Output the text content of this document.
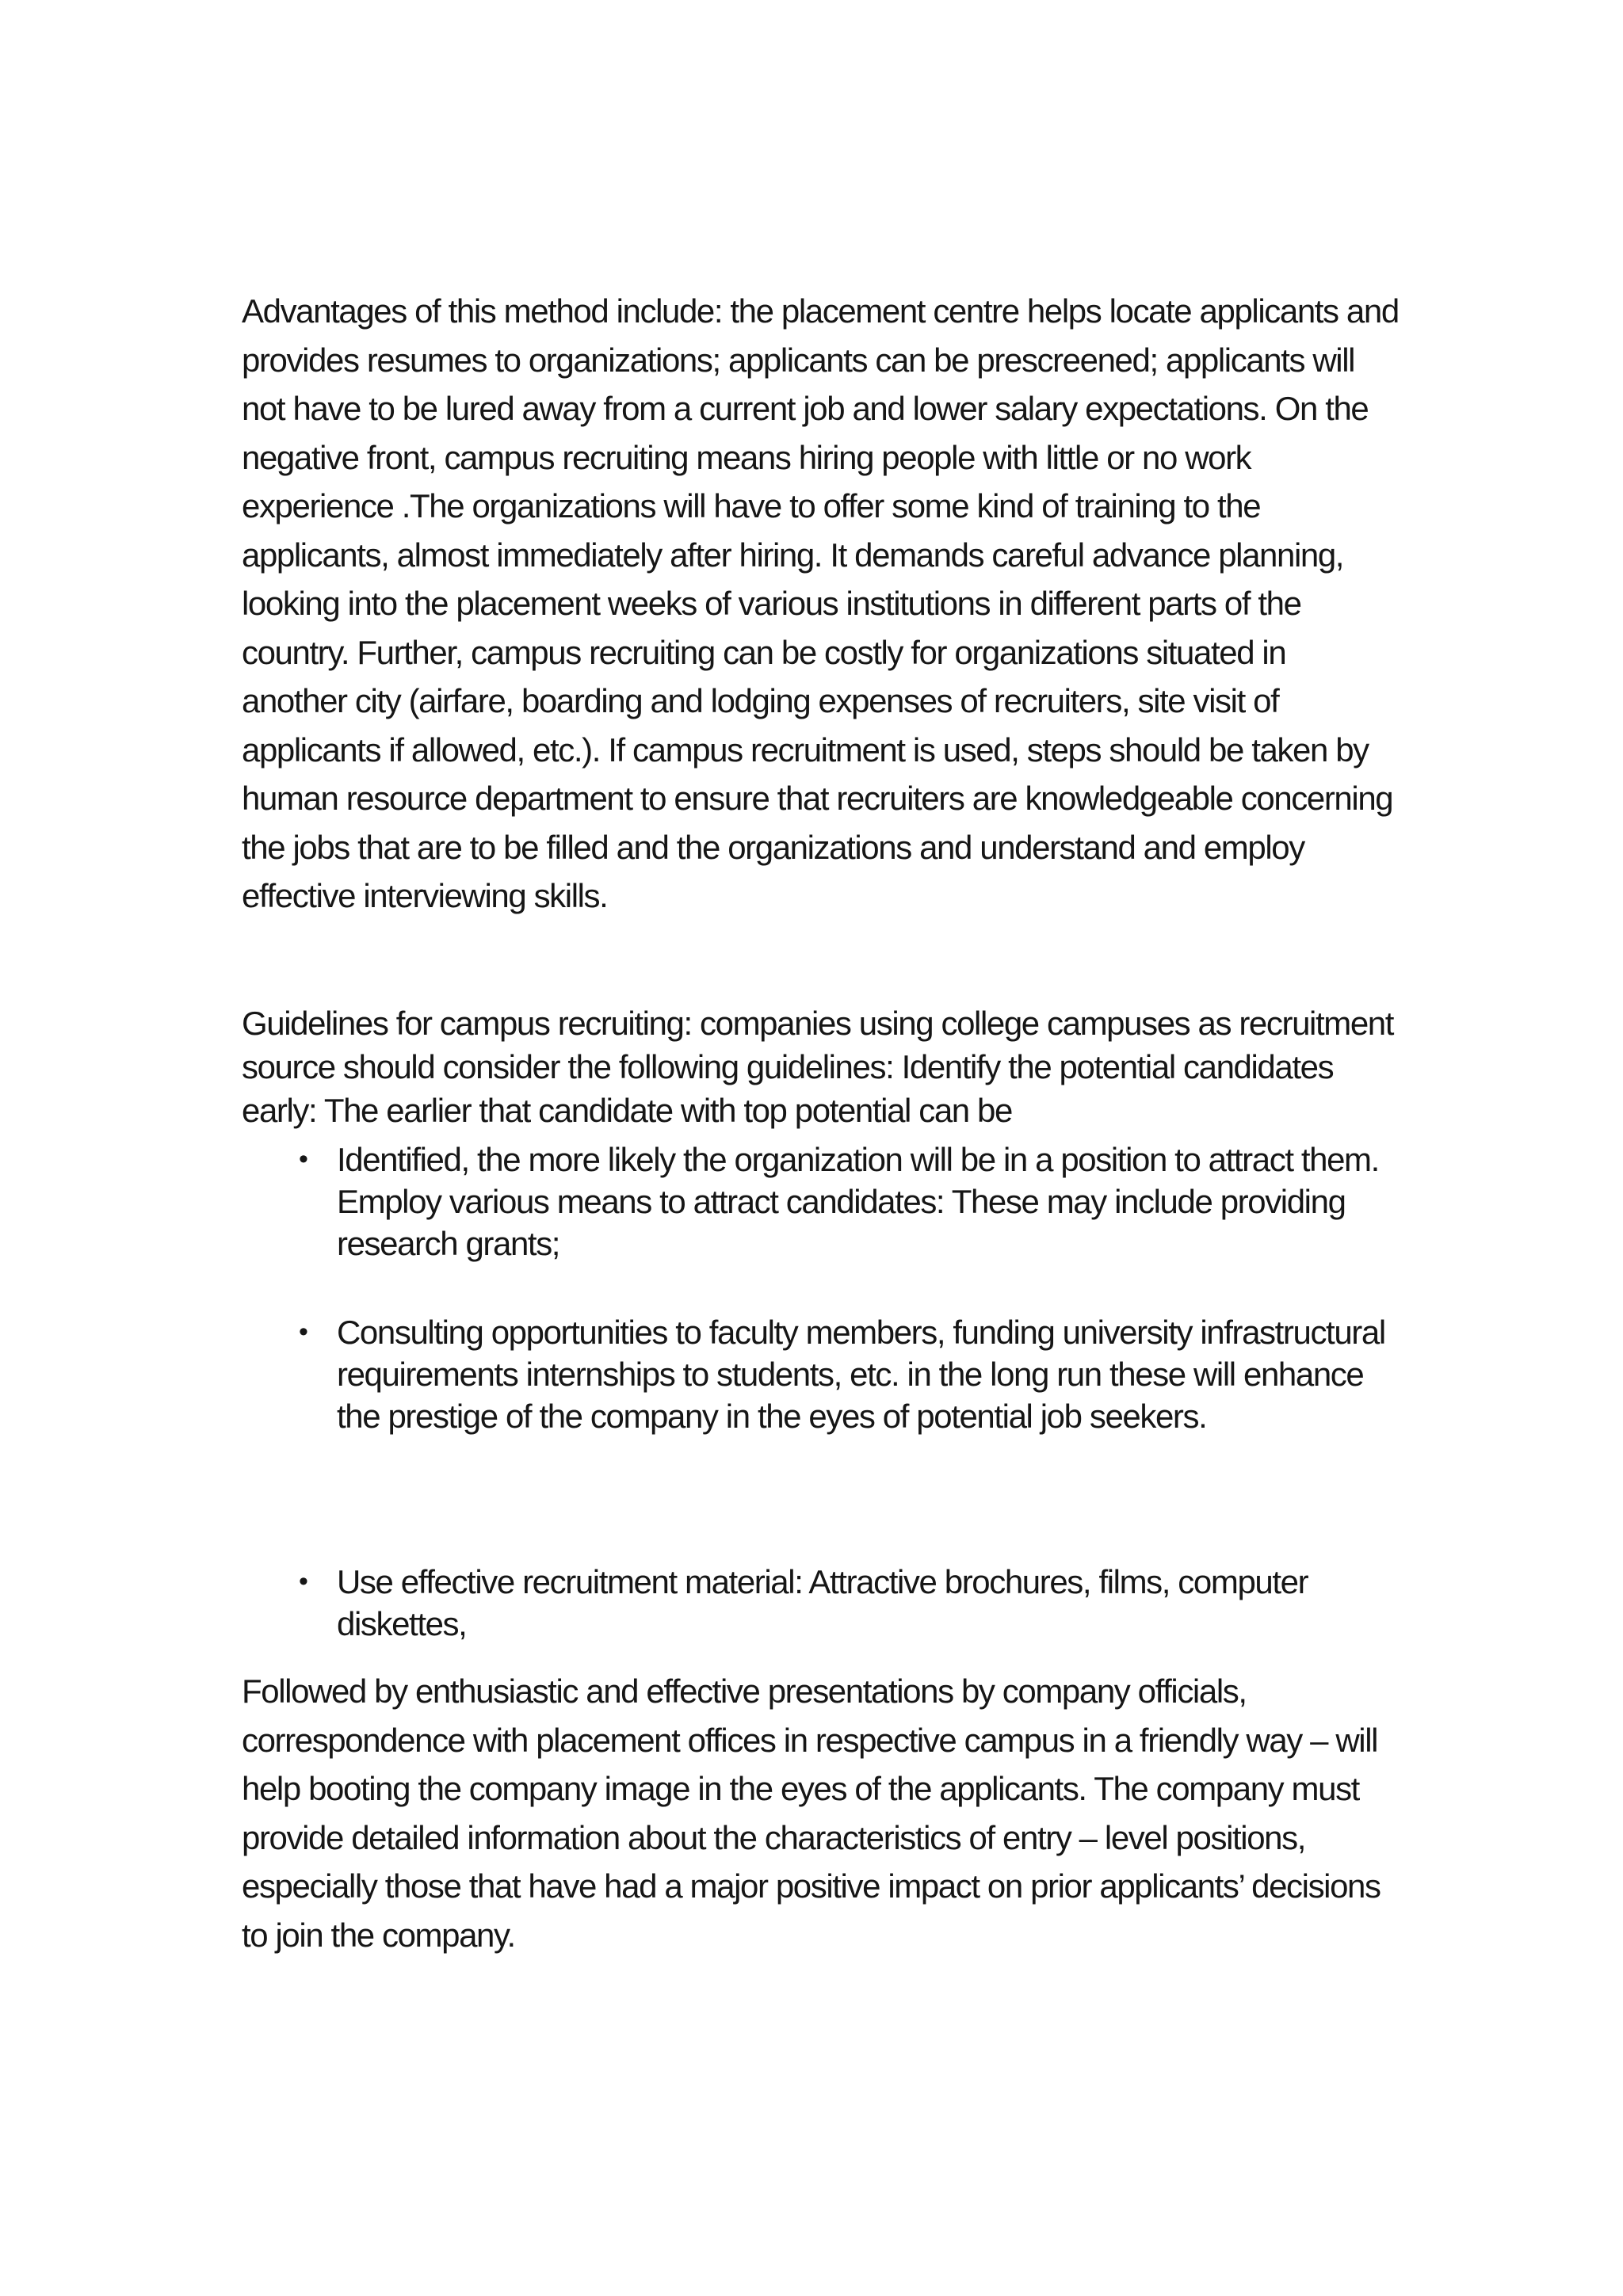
Advantages of this method include: the placement centre helps locate applicants and provides resumes to organizations; applicants can be prescreened; applicants will not have to be lured away from a current job and lower salary expectations. On the negative front, campus recruiting means hiring people with little or no work experience .The organizations will have to offer some kind of training to the applicants, almost immediately after hiring. It demands careful advance planning, looking into the placement weeks of various institutions in different parts of the country. Further, campus recruiting can be costly for organizations situated in another city (airfare, boarding and lodging expenses of recruiters, site visit of applicants if allowed, etc.). If campus recruitment is used, steps should be taken by human resource department to ensure that recruiters are knowledgeable concerning the jobs that are to be filled and the organizations and understand and employ effective interviewing skills.

Guidelines for campus recruiting: companies using college campuses as recruitment source should consider the following guidelines: Identify the potential candidates early: The earlier that candidate with top potential can be

• Identified, the more likely the organization will be in a position to attract them. Employ various means to attract candidates: These may include providing research grants;
• Consulting opportunities to faculty members, funding university infrastructural requirements internships to students, etc. in the long run these will enhance the prestige of the company in the eyes of potential job seekers.
• Use effective recruitment material: Attractive brochures, films, computer diskettes,

Followed by enthusiastic and effective presentations by company officials, correspondence with placement offices in respective campus in a friendly way – will help booting the company image in the eyes of the applicants. The company must provide detailed information about the characteristics of entry – level positions, especially those that have had a major positive impact on prior applicants’ decisions to join the company.
